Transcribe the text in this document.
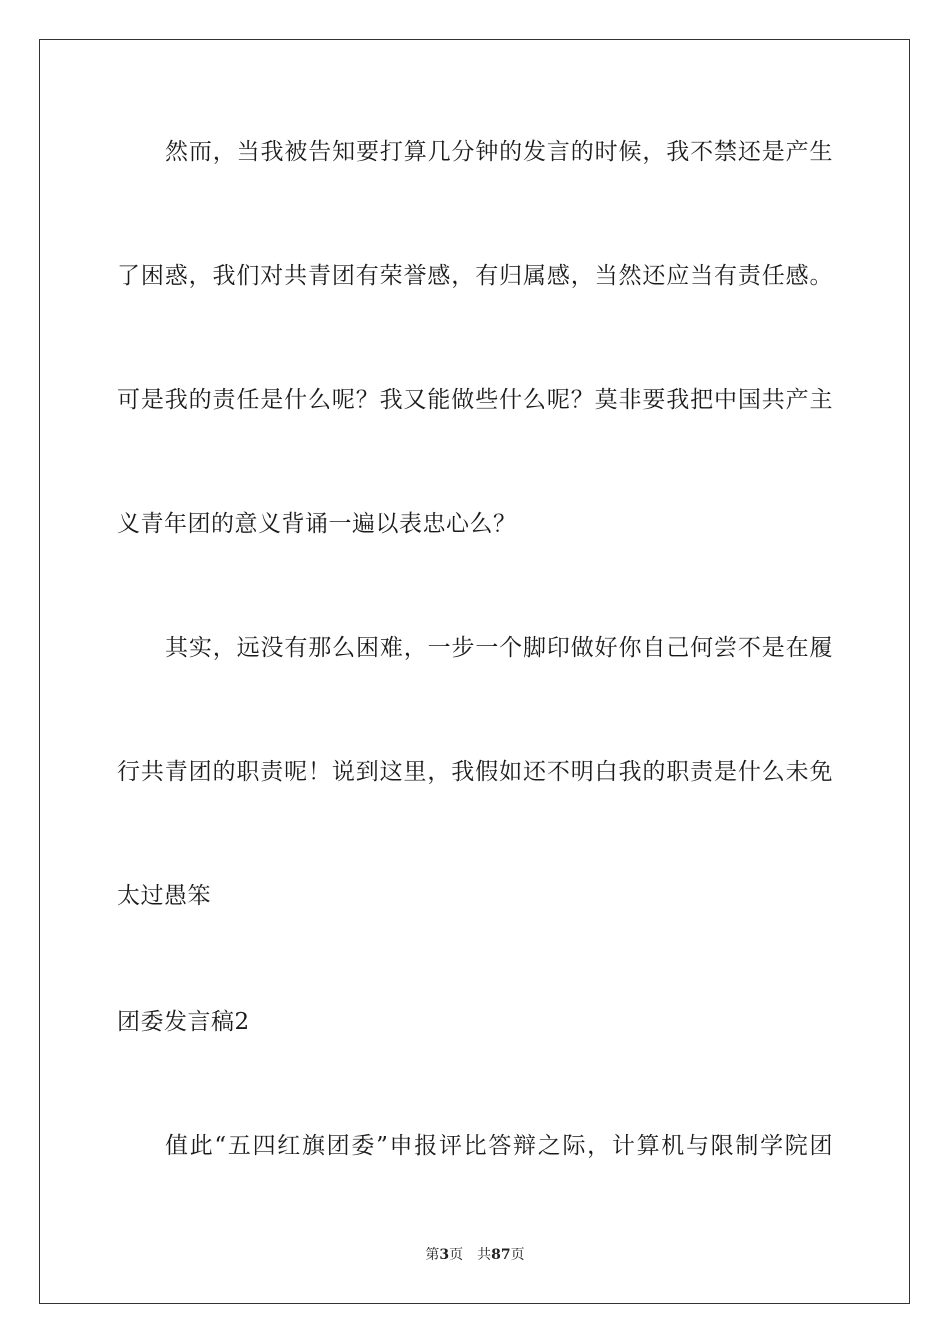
然而，当我被告知要打算几分钟的发言的时候，我不禁还是产生
了困惑，我们对共青团有荣誉感，有归属感，当然还应当有责任感。
可是我的责任是什么呢？我又能做些什么呢？莫非要我把中国共产主
义青年团的意义背诵一遍以表忠心么？
其实，远没有那么困难，一步一个脚印做好你自己何尝不是在履
行共青团的职责呢！说到这里，我假如还不明白我的职责是什么未免
太过愚笨
团委发言稿2
值此“五四红旗团委”申报评比答辩之际，计算机与限制学院团
第3页 共87页
